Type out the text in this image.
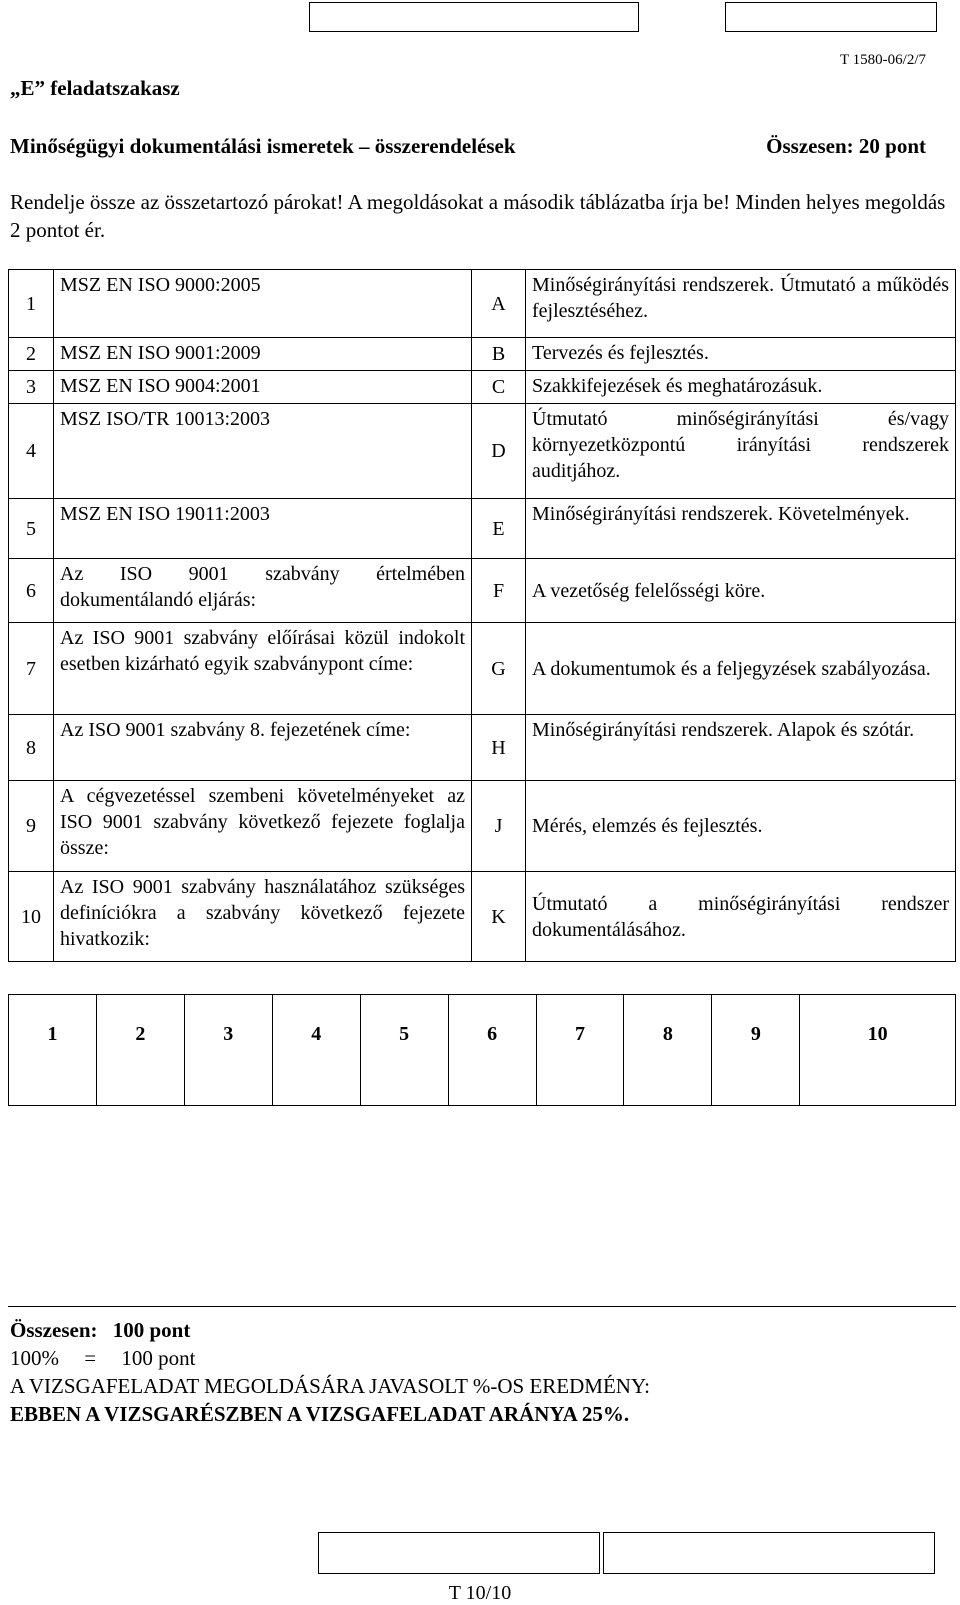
T 1580-06/2/7
„E” feladatszakasz
Minőségügyi dokumentálási ismeretek – összerendelések	Összesen: 20 pont
Rendelje össze az összetartozó párokat! A megoldásokat a második táblázatba írja be! Minden helyes megoldás 2 pontot ér.
1	MSZ EN ISO 9000:2005	A	Minőségirányítási rendszerek. Útmutató a működés fejlesztéséhez.
2	MSZ EN ISO 9001:2009	B	Tervezés és fejlesztés.
3	MSZ EN ISO 9004:2001	C	Szakkifejezések és meghatározásuk.
4	MSZ ISO/TR 10013:2003	D	Útmutató minőségirányítási és/vagy környezetközpontú irányítási rendszerek auditjához.
5	MSZ EN ISO 19011:2003	E	Minőségirányítási rendszerek. Követelmények.
6	Az ISO 9001 szabvány értelmében dokumentálandó eljárás:	F	A vezetőség felelősségi köre.
7	Az ISO 9001 szabvány előírásai közül indokolt esetben kizárható egyik szabványpont címe:	G	A dokumentumok és a feljegyzések szabályozása.
8	Az ISO 9001 szabvány 8. fejezetének címe:	H	Minőségirányítási rendszerek. Alapok és szótár.
9	A cégvezetéssel szembeni követelményeket az ISO 9001 szabvány következő fejezete foglalja össze:	J	Mérés, elemzés és fejlesztés.
10	Az ISO 9001 szabvány használatához szükséges definíciókra a szabvány következő fejezete hivatkozik:	K	Útmutató a minőségirányítási rendszer dokumentálásához.
1	2	3	4	5	6	7	8	9	10
Összesen: 100 pont
100% = 100 pont
A VIZSGAFELADAT MEGOLDÁSÁRA JAVASOLT %-OS EREDMÉNY:
EBBEN A VIZSGARÉSZBEN A VIZSGAFELADAT ARÁNYA 25%.
T 10/10
